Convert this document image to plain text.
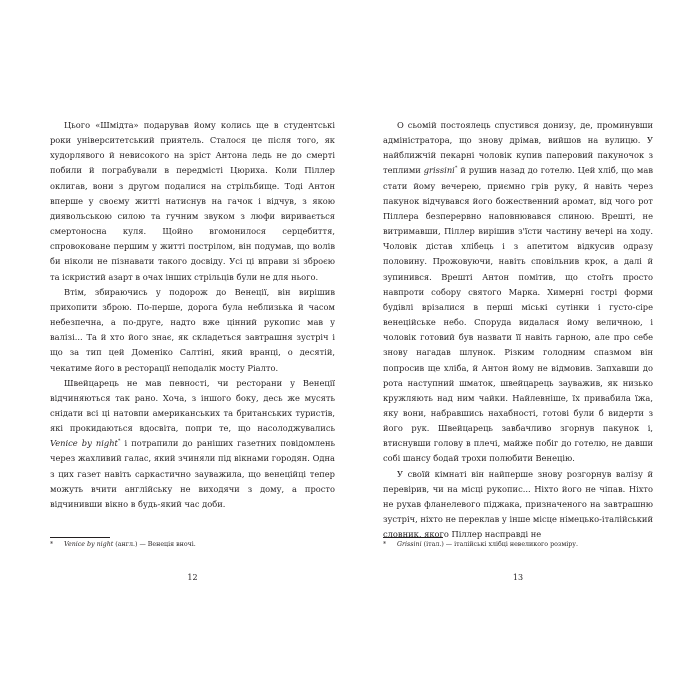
Цього «Шмідта» подарував йому колись ще в студентські роки університетський приятель. Сталося це після того, як худорлявого й невисокого на зріст Антона ледь не до смерті побили й пограбували в передмісті Цюриха. Коли Піллер оклигав, вони з другом подалися на стрільбище. Тоді Антон вперше у своєму житті натиснув на гачок і відчув, з якою диявольською силою та гучним звуком з люфи виривається смертоносна куля. Щойно вгомонилося серцебиття, спровоковане першим у житті пострілом, він подумав, що волів би ніколи не пізнавати такого досвіду. Усі ці вправи зі зброєю та іскристий азарт в очах інших стрільців були не для нього.

Втім, збираючись у подорож до Венеції, він вирішив прихопити зброю. По-перше, дорога була неблизька й часом небезпечна, а по-друге, надто вже цінний рукопис мав у валізі... Та й хто його знає, як складеться завтрашня зустріч і що за тип цей Доменіко Салтіні, який вранці, о десятій, чекатиме його в ресторації неподалік мосту Ріалто.

Швейцарець не мав певності, чи ресторани у Венеції відчиняються так рано. Хоча, з іншого боку, десь же мусять снідати всі ці натовпи американських та британських туристів, які прокидаються вдосвіта, попри те, що насолоджувались Venice by night* і потрапили до раніших газетних повідомлень через жахливий галас, який зчиняли під вікнами городян. Одна з цих газет навіть саркастично зауважила, що венеційці тепер можуть вчити англійську не виходячи з дому, а просто відчинивши вікно в будь-який час доби.

* Venice by night (англ.) — Венеція вночі.
12

О сьомій постоялець спустився донизу, де, проминувши адміністратора, що знову дрімав, вийшов на вулицю. У найближчій пекарні чоловік купив паперовий пакуночок з теплими grissini* й рушив назад до готелю. Цей хліб, що мав стати йому вечерею, приємно грів руку, й навіть через пакунок відчувався його божественний аромат, від чого рот Піллера безперервно наповнювався слиною. Врешті, не витримавши, Піллер вирішив з'їсти частину вечері на ходу. Чоловік дістав хлібець і з апетитом відкусив одразу половину. Прожовуючи, навіть сповільнив крок, а далі й зупинився. Врешті Антон помітив, що стоїть просто навпроти собору святого Марка. Химерні гострі форми будівлі врізалися в перші міські сутінки і густо-сіре венеційське небо. Споруда видалася йому величною, і чоловік готовий був назвати її навіть гарною, але про себе знову нагадав шлунок. Різким голодним спазмом він попросив ще хліба, й Антон йому не відмовив. Запхавши до рота наступний шматок, швейцарець зауважив, як низько кружляють над ним чайки. Найлевніше, їх привабила їжа, яку вони, набравшись нахабності, готові були б видерти з його рук. Швейцарець завбачливо згорнув пакунок і, втиснувши голову в плечі, майже побіг до готелю, не давши собі шансу бодай трохи полюбити Венецію.

У своїй кімнаті він найперше знову розгорнув валізу й перевірив, чи на місці рукопис... Ніхто його не чіпав. Ніхто не рухав фланелевого піджака, призначеного на завтрашню зустріч, ніхто не переклав у інше місце німецько-італійський словник, якого Піллер насправді не

* Grissini (італ.) — італійські хлібці невеликого розміру.
13
